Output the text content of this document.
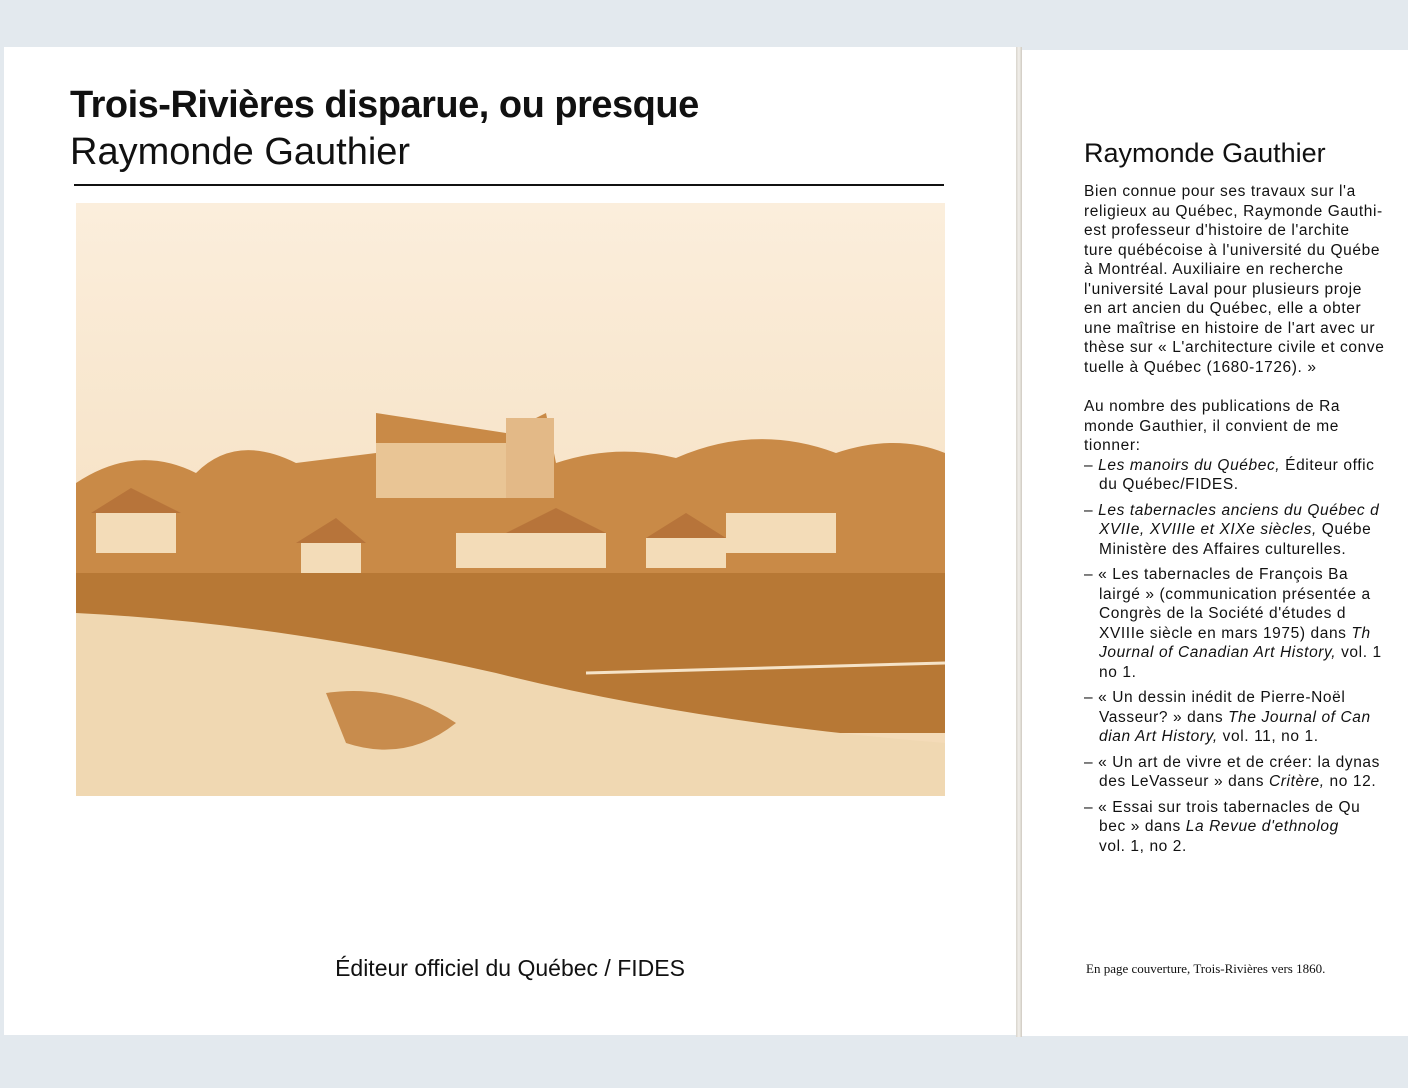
Raymonde Gauthier
Bien connue pour ses travaux sur l'a
religieux au Québec, Raymonde Gauthi-
est professeur d'histoire de l'archite
ture québécoise à l'université du Québe
à Montréal. Auxiliaire en recherche
l'université Laval pour plusieurs proje
en art ancien du Québec, elle a obter
une maîtrise en histoire de l'art avec ur
thèse sur « L'architecture civile et conve
tuelle à Québec (1680-1726). »
Au nombre des publications de Ra
monde Gauthier, il convient de me
tionner:
– Les manoirs du Québec, Éditeur offic
du Québec/FIDES.
– Les tabernacles anciens du Québec d
XVIIe, XVIIIe et XIXe siècles, Québe
Ministère des Affaires culturelles.
– « Les tabernacles de François Ba
lairgé » (communication présentée a
Congrès de la Société d'études d
XVIIIe siècle en mars 1975) dans Th
Journal of Canadian Art History, vol. 1
no 1.
– « Un dessin inédit de Pierre-Noël
Vasseur? » dans The Journal of Can
dian Art History, vol. 11, no 1.
– « Un art de vivre et de créer: la dynas
des LeVasseur » dans Critère, no 12.
– « Essai sur trois tabernacles de Qu
bec » dans La Revue d'ethnolog
vol. 1, no 2.
En page couverture, Trois-Rivières vers 1860.
Trois-Rivières disparue, ou presque
Raymonde Gauthier
Éditeur officiel du Québec / FIDES
